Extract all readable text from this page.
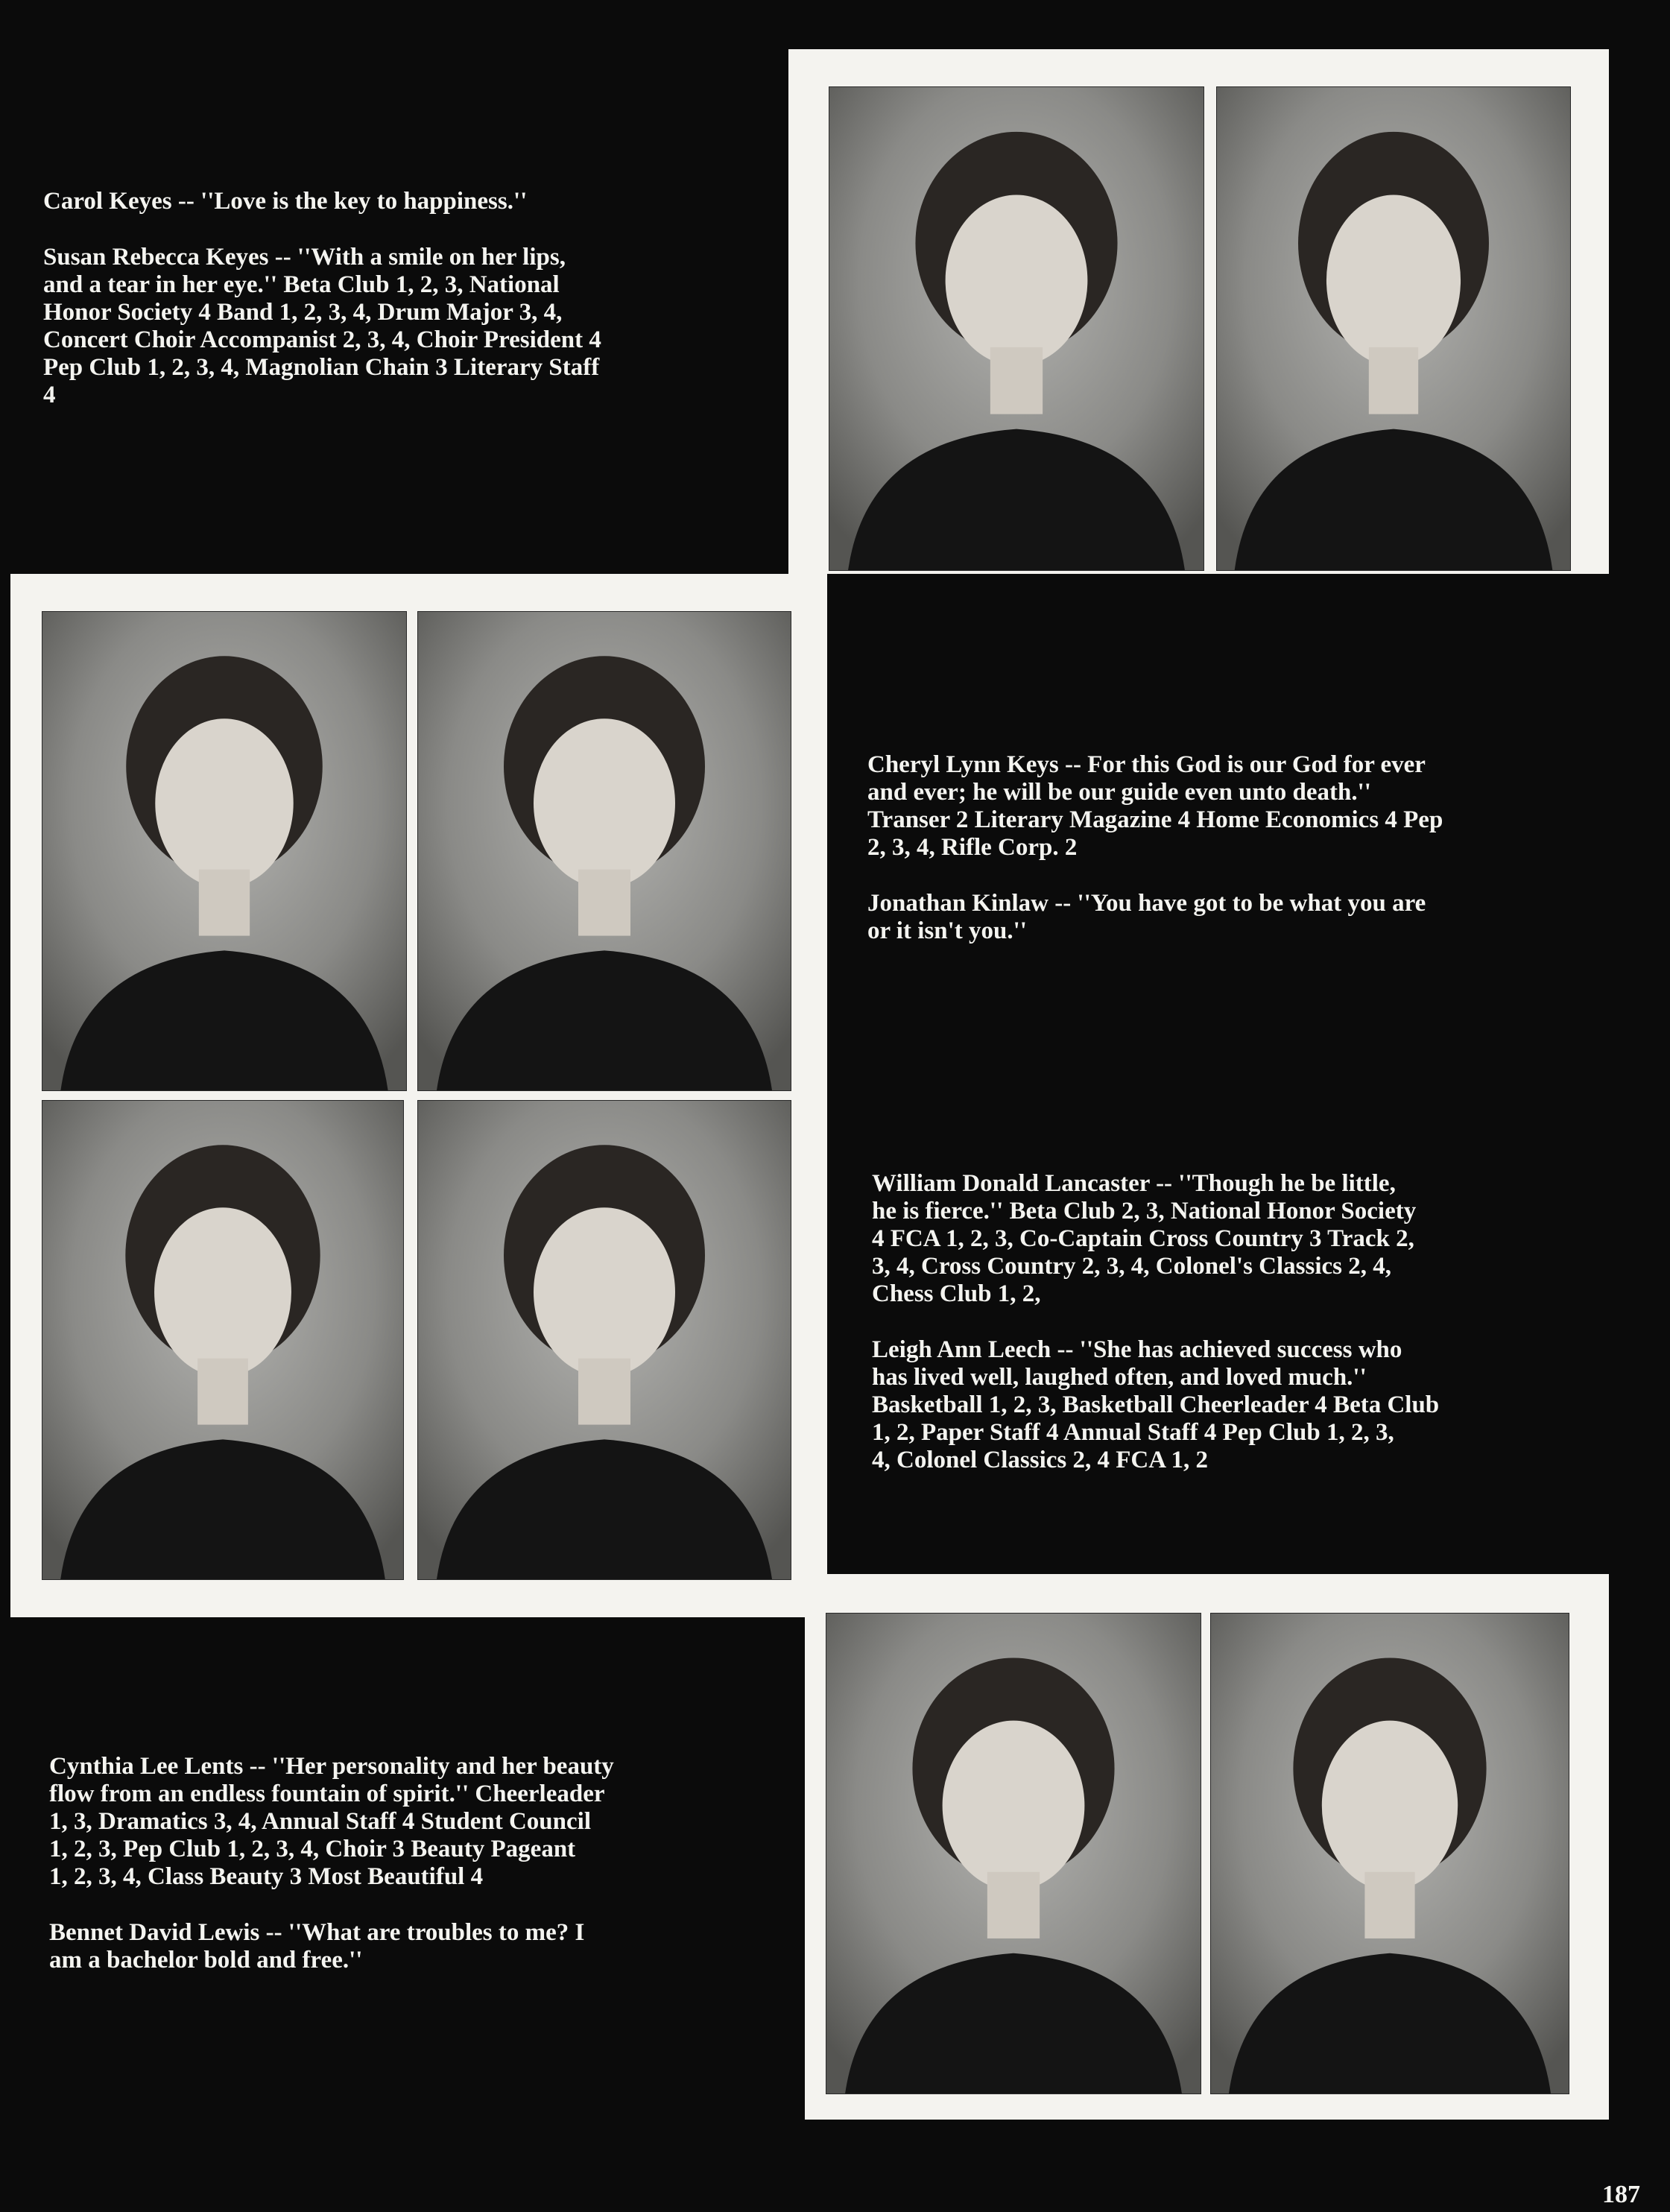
Carol Keyes -- ''Love is the key to happiness.''

Susan Rebecca Keyes -- ''With a smile on her lips,
and a tear in her eye.'' Beta Club 1, 2, 3, National
Honor Society 4 Band 1, 2, 3, 4, Drum Major 3, 4,
Concert Choir Accompanist 2, 3, 4, Choir President 4
Pep Club 1, 2, 3, 4, Magnolian Chain 3 Literary Staff
4

Cheryl Lynn Keys -- For this God is our God for ever
and ever; he will be our guide even unto death.''
Transer 2 Literary Magazine 4 Home Economics 4 Pep
2, 3, 4, Rifle Corp. 2

Jonathan Kinlaw -- ''You have got to be what you are
or it isn't you.''

William Donald Lancaster -- ''Though he be little,
he is fierce.'' Beta Club 2, 3, National Honor Society
4 FCA 1, 2, 3, Co-Captain Cross Country 3 Track 2,
3, 4, Cross Country 2, 3, 4, Colonel's Classics 2, 4,
Chess Club 1, 2,

Leigh Ann Leech -- ''She has achieved success who
has lived well, laughed often, and loved much.''
Basketball 1, 2, 3, Basketball Cheerleader 4 Beta Club
1, 2, Paper Staff 4 Annual Staff 4 Pep Club 1, 2, 3,
4, Colonel Classics 2, 4 FCA 1, 2

Cynthia Lee Lents -- ''Her personality and her beauty
flow from an endless fountain of spirit.'' Cheerleader
1, 3, Dramatics 3, 4, Annual Staff 4 Student Council
1, 2, 3, Pep Club 1, 2, 3, 4, Choir 3 Beauty Pageant
1, 2, 3, 4, Class Beauty 3 Most Beautiful 4

Bennet David Lewis -- ''What are troubles to me? I
am a bachelor bold and free.''

187
